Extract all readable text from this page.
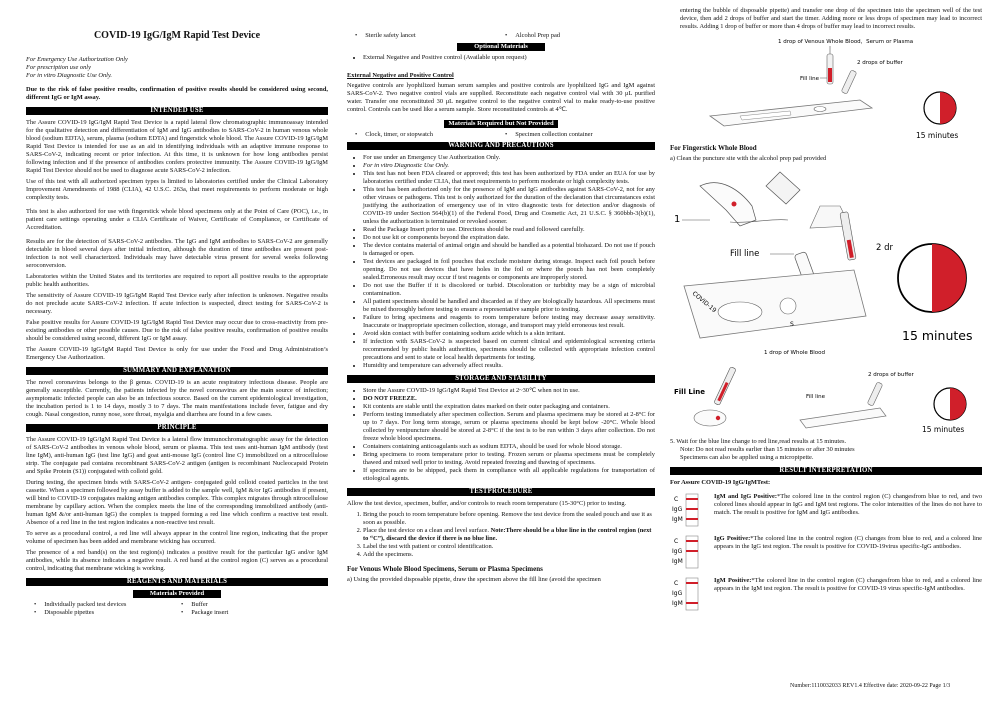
COVID-19 IgG/IgM Rapid Test Device

For Emergency Use Authorization Only

For prescription use only

For in vitro Diagnostic Use Only.

Due to the risk of false positive results, confirmation of positive results should be considered using second, different IgG or IgM assay.

INTENDED USE

The Assure COVID-19 IgG/IgM Rapid Test Device is a rapid lateral flow chromatographic immunoassay intended for the qualitative detection and differentiation of IgM and IgG antibodies to SARS-CoV-2 in human venous whole blood (sodium EDTA), serum, plasma (sodium EDTA) and fingerstick whole blood. The Assure COVID-19 IgG/IgM Rapid Test Device is intended for use as an aid in identifying individuals with an adaptive immune response to SARS-CoV-2, indicating recent or prior infection. At this time, it is unknown for how long antibodies persist following infection and if the presence of antibodies confers protective immunity. The Assure COVID-19 IgG/IgM Rapid Test Device should not be used to diagnose acute SARS-CoV-2 infection.

Use of this test with all authorized specimen types is limited to laboratories certified under the Clinical Laboratory Improvement Amendments of 1988 (CLIA), 42 U.S.C. 263a, that meet requirements to perform moderate or high complexity tests.

This test is also authorized for use with fingerstick whole blood specimens only at the Point of Care (POC), i.e., in patient care settings operating under a CLIA Certificate of Waiver, Certificate of Compliance, or Certificate of Accreditation.

Results are for the detection of SARS-CoV-2 antibodies. The IgG and IgM antibodies to SARS-CoV-2 are generally detectable in blood several days after initial infection, although the duration of time antibodies are present post-infection is not well characterized. Individuals may have detectable virus present for several weeks following seroconversion.

Laboratories within the United States and its territories are required to report all positive results to the appropriate public health authorities.

The sensitivity of Assure COVID-19 IgG/IgM Rapid Test Device early after infection is unknown. Negative results do not preclude acute SARS-CoV-2 infection. If acute infection is suspected, direct testing for SARS-CoV-2 is necessary.

False positive results for Assure COVID-19 IgG/IgM Rapid Test Device may occur due to cross-reactivity from pre-existing antibodies or other possible causes. Due to the risk of false positive results, confirmation of positive results should be considered using second, different IgG or IgM assay.

The Assure COVID-19 IgG/IgM Rapid Test Device is only for use under the Food and Drug Administration’s Emergency Use Authorization.

SUMMARY AND EXPLANATION

The novel coronavirus belongs to the β genus. COVID-19 is an acute respiratory infectious disease. People are generally susceptible. Currently, the patients infected by the novel coronavirus are the main source of infection; asymptomatic infected people can also be an infectious source. Based on the current epidemiological investigation, the incubation period is 1 to 14 days, mostly 3 to 7 days. The main manifestations include fever, fatigue and dry cough. Nasal congestion, runny nose, sore throat, myalgia and diarrhea are found in a few cases.

PRINCIPLE

The Assure COVID-19 IgG/IgM Rapid Test Device is a lateral flow immunochromatographic assay for the detection of SARS-CoV-2 antibodies in venous whole blood, serum or plasma. This test uses anti-human IgM antibody (test line IgM), anti-human IgG (test line IgG) and goat anti-mouse IgG (control line C) immobilized on a nitrocellulose strip. The conjugate pad contains recombinant SARS-CoV-2 antigen (antigen is recombinant Nucleocapsid Protein and Spike Protein (S1)) conjugated with colloid gold.

During testing, the specimen binds with SARS-CoV-2 antigen- conjugated gold colloid coated particles in the test cassette. When a specimen followed by assay buffer is added to the sample well, IgM &/or IgG antibodies if present, will bind to COVID-19 conjugates making antigen antibodies complex. This complex migrates through nitrocellulose membrane by capillary action. When the complex meets the line of the corresponding immobilized antibody (anti-human IgM &/or anti-human IgG) the complex is trapped forming a red line which confirm a reactive test result. Absence of a red line in the test region indicates a non-reactive test result.

To serve as a procedural control, a red line will always appear in the control line region, indicating that the proper volume of specimen has been added and membrane wicking has occurred.

The presence of a red band(s) on the test region(s) indicates a positive result for the particular IgG and/or IgM antibodies, while its absence indicates a negative result. A red band at the control region (C) serves as a procedural control, indicating that membrane wicking is working.

REAGENTS AND MATERIALS
Materials Provided
• Individually packed test devices	• Buffer
• Disposable pipettes	• Package insert
• Sterile safety lancet	• Alcohol Prep pad
Optional Materials
• External Negative and Positive control (Available upon request)
External Negative and Positive Control

Negative controls are lyophilized human serum samples and positive controls are lyophilized IgG and IgM against SARS-CoV-2. Two negative control vials are supplied. Reconstitute each negative control vial with 30 μL purified water. Transfer one reconstituted 30 μL negative control to the negative control vial to make ready-to-use positive control. Controls can be used like a serum sample. Store reconstituted controls at 4℃.

Materials Required but Not Provided
• Clock, timer, or stopwatch	• Specimen collection container
WARNING AND PRECAUTIONS
• For use under an Emergency Use Authorization Only.
• For in vitro Diagnostic Use Only.
• This test has not been FDA cleared or approved; this test has been authorized by FDA under an EUA for use by laboratories certified under CLIA, that meet requirements to perform moderate or high complexity tests.
• This test has been authorized only for the presence of IgM and IgG antibodies against SARS-CoV-2, not for any other viruses or pathogens. This test is only authorized for the duration of the declaration that circumstances exist justifying the authorization of emergency use of in vitro diagnostic tests for detection and/or diagnosis of COVID-19 under Section 564(b)(1) of the Federal Food, Drug and Cosmetic Act, 21 U.S.C. § 360bbb-3(b)(1), unless the authorization is terminated or revoked sooner.
• Read the Package Insert prior to use. Directions should be read and followed carefully.
• Do not use kit or components beyond the expiration date.
• The device contains material of animal origin and should be handled as a potential biohazard. Do not use if pouch is damaged or open.
• Test devices are packaged in foil pouches that exclude moisture during storage. Inspect each foil pouch before opening. Do not use devices that have holes in the foil or where the pouch has not been completely sealed.Erroneous result may occur if test reagents or components are improperly stored.
• Do not use the Buffer if it is discolored or turbid. Discoloration or turbidity may be a sign of microbial contamination.
• All patient specimens should be handled and discarded as if they are biologically hazardous. All specimens must be mixed thoroughly before testing to ensure a representative sample prior to testing.
• Failure to bring specimens and reagents to room temperature before testing may decrease assay sensitivity. Inaccurate or inappropriate specimen collection, storage, and transport may yield erroneous test result.
• Avoid skin contact with buffer containing sodium azide which is a skin irritant.
• If infection with SARS-CoV-2 is suspected based on current clinical and epidemiological screening criteria recommended by public health authorities, specimens should be collected with appropriate infection control precautions and sent to state or local health departments for testing.
• Humidity and temperature can adversely affect results.
STORAGE AND STABILITY
• Store the Assure COVID-19 IgG/IgM Rapid Test Device at 2~30℃ when not in use.
• DO NOT FREEZE.
• Kit contents are stable until the expiration dates marked on their outer packaging and containers.
• Perform testing immediately after specimen collection. Serum and plasma specimens may be stored at 2-8°C for up to 7 days. For long term storage, serum or plasma specimens should be kept below -20°C. Whole blood collected by venipuncture should be stored at 2-8°C if the test is to be run within 3 days after collection. Do not freeze whole blood specimens.
• Containers containing anticoagulants such as sodium EDTA, should be used for whole blood storage.
• Bring specimens to room temperature prior to testing. Frozen serum or plasma specimens must be completely thawed and mixed well prior to testing. Avoid repeated freezing and thawing of specimens.
• If specimens are to be shipped, pack them in compliance with all applicable regulations for transportation of etiological agents.
TESTPROCEDURE

Allow the test device, specimen, buffer, and/or controls to reach room temperature (15-30°C) prior to testing.

1. Bring the pouch to room temperature before opening. Remove the test device from the sealed pouch and use it as soon as possible.
2. Place the test device on a clean and level surface. Note:There should be a blue line in the control region (next to “C”), discard the device if there is no blue line.
3. Label the test with patient or control identification.
4. Add the specimens.
For Venous Whole Blood Specimens, Serum or Plasma Specimens

a) Using the provided disposable pipette, draw the specimen above the fill line (avoid the specimen

entering the bubble of disposable pipette) and transfer one drop of the specimen into the specimen well of the test device, then add 2 drops of buffer and start the timer. Adding more or less drops of specimen may lead to incorrect results. Adding 1 drop of buffer or more than 4 drops of buffer may lead to incorrect results.

1 drop of Venous Whole Blood，Serum or Plasma
Fill line
2 drops of buffer
15 minutes
For Fingerstick Whole Blood

a) Clean the puncture site with the alcohol prep pad provided

1
2 dr
Fill line
COVID-19
S
15 minutes
1 drop of Whole Blood
Fill Line
Fill line
2 drops of buffer
15 minutes

5. Wait for the blue line change to red line,read results at 15 minutes.

Note: Do not read results earlier than 15 minutes or after 30 minutes

Specimens can also be applied using a micropipette.

RESULT INTERPRETATION
For Assure COVID-19 IgG/IgMTest:
C
IgG
IgM

IgM and IgG Positive:*The colored line in the control region (C) changesfrom blue to red, and two colored lines should appear in IgG and IgM test regions. The color intensities of the lines do not have to match. The result is positive for IgM and IgG antibodies.

C
IgG
IgM

IgG Positive:*The colored line in the control region (C) changes from blue to red, and a colored line appears in the IgG test region. The result is positive for COVID-19virus specific-IgG antibodies.

C
IgG
IgM

IgM Positive:*The colored line in the control region (C) changesfrom blue to red, and a colored line appears in the IgM test region. The result is positive for COVID-19 virus specific-IgM antibodies.

Number:1110032033 REV1.4 Effective date: 2020-09-22 Page 1/3
